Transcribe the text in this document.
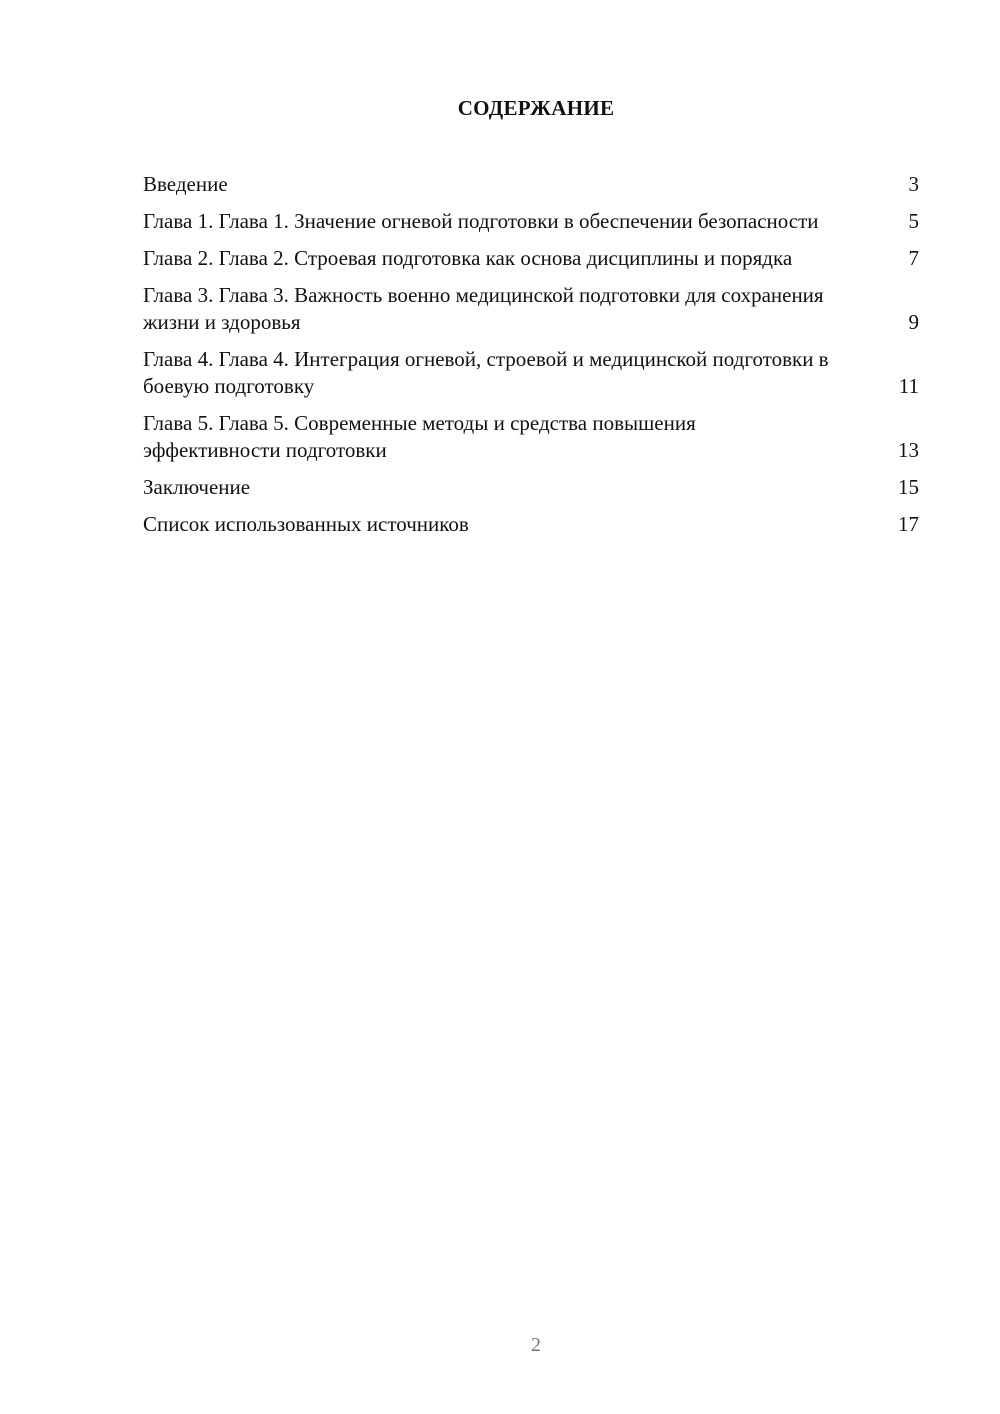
СОДЕРЖАНИЕ
Введение	3
Глава 1. Глава 1. Значение огневой подготовки в обеспечении безопасности	5
Глава 2. Глава 2. Строевая подготовка как основа дисциплины и порядка	7
Глава 3. Глава 3. Важность военно медицинской подготовки для сохранения жизни и здоровья	9
Глава 4. Глава 4. Интеграция огневой, строевой и медицинской подготовки в боевую подготовку	11
Глава 5. Глава 5. Современные методы и средства повышения эффективности подготовки	13
Заключение	15
Список использованных источников	17
2
